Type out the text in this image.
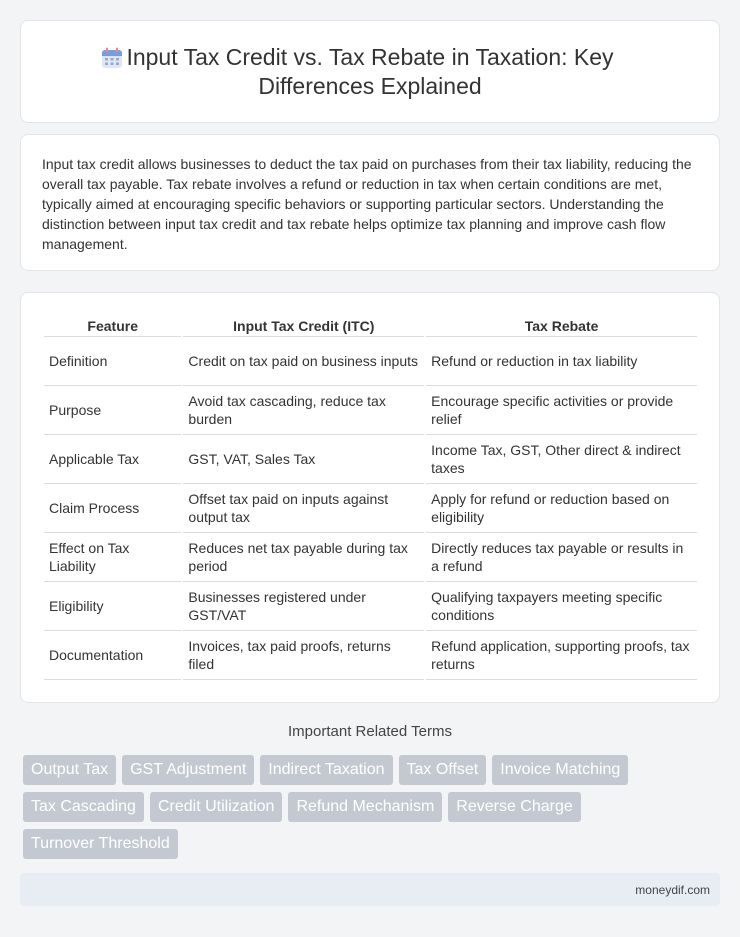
Input Tax Credit vs. Tax Rebate in Taxation: Key
Differences Explained
Input tax credit allows businesses to deduct the tax paid on purchases from their tax liability, reducing the overall tax payable. Tax rebate involves a refund or reduction in tax when certain conditions are met, typically aimed at encouraging specific behaviors or supporting particular sectors. Understanding the distinction between input tax credit and tax rebate helps optimize tax planning and improve cash flow management.
Feature	Input Tax Credit (ITC)	Tax Rebate
Definition	Credit on tax paid on business inputs	Refund or reduction in tax liability
Purpose	Avoid tax cascading, reduce tax burden	Encourage specific activities or provide relief
Applicable Tax	GST, VAT, Sales Tax	Income Tax, GST, Other direct & indirect taxes
Claim Process	Offset tax paid on inputs against output tax	Apply for refund or reduction based on eligibility
Effect on Tax Liability	Reduces net tax payable during tax period	Directly reduces tax payable or results in a refund
Eligibility	Businesses registered under GST/VAT	Qualifying taxpayers meeting specific conditions
Documentation	Invoices, tax paid proofs, returns filed	Refund application, supporting proofs, tax returns
Important Related Terms
Output Tax	GST Adjustment	Indirect Taxation	Tax Offset	Invoice Matching
Tax Cascading	Credit Utilization	Refund Mechanism	Reverse Charge
Turnover Threshold
moneydif.com
